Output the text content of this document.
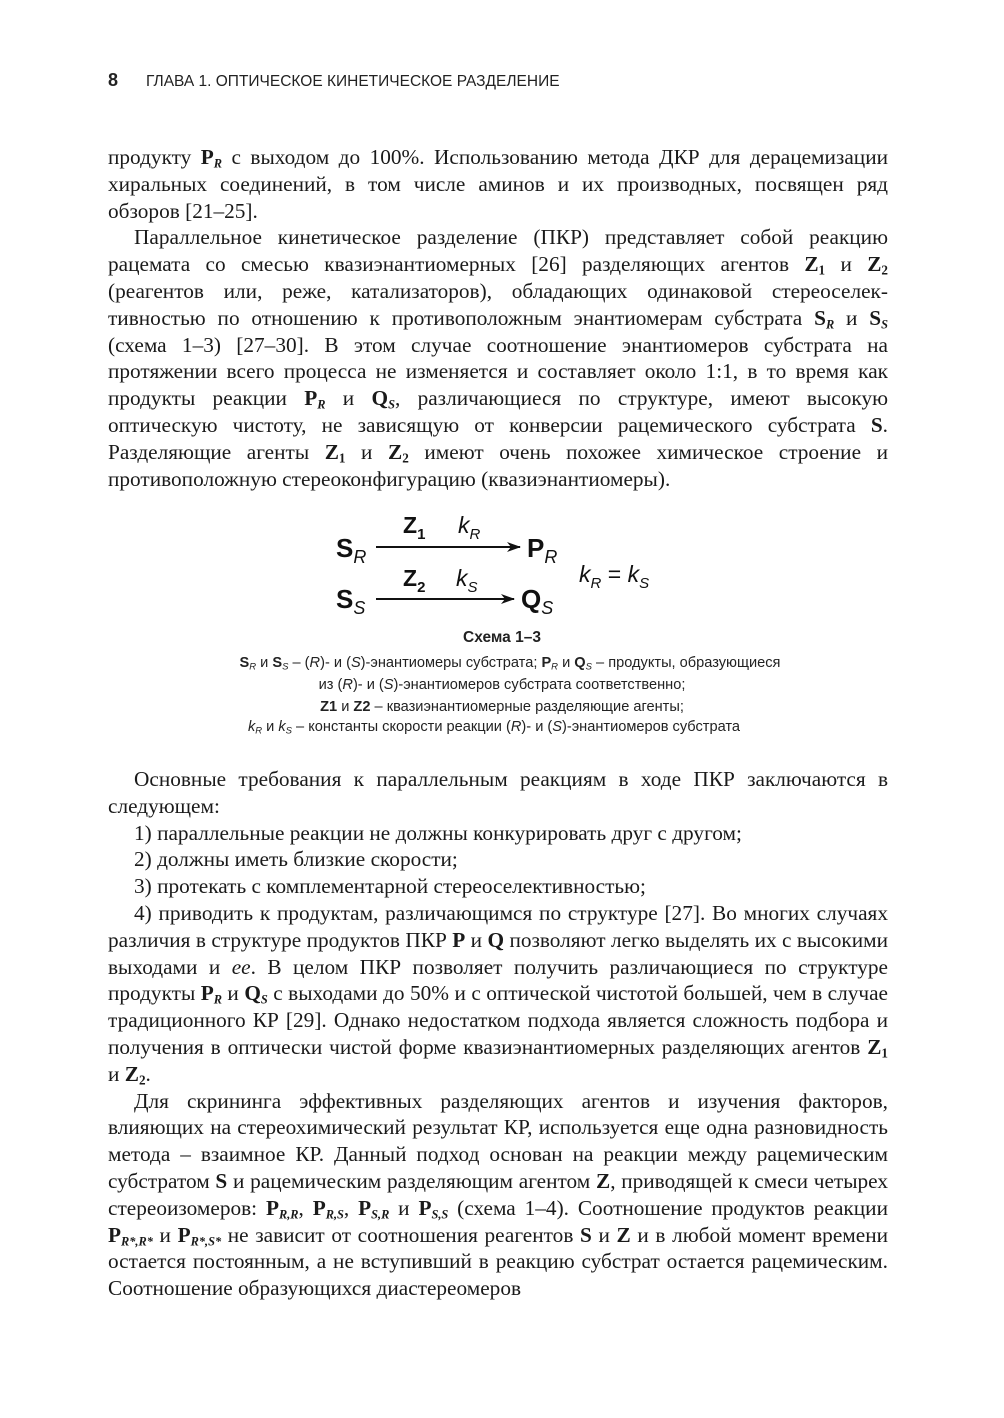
8 ГЛАВА 1. ОПТИЧЕСКОЕ КИНЕТИЧЕСКОЕ РАЗДЕЛЕНИЕ

продукту $P_R$ с выходом до 100%. Использованию метода ДКР для дерацемизации хиральных соединений, в том числе аминов и их производных, посвящен ряд обзоров [21–25].

Параллельное кинетическое разделение (ПКР) представляет собой реакцию рацемата со смесью квазиэнантиомерных [26] разделяющих агентов $Z_1$ и $Z_2$ (реагентов или, реже, катализаторов), обладающих одинаковой стереоселективностью по отношению к противоположным энантиомерам субстрата $S_R$ и $S_S$ (схема 1–3) [27–30]. В этом случае соотношение энантиомеров субстрата на протяжении всего процесса не изменяется и составляет около 1:1, в то время как продукты реакции $P_R$ и $Q_S$, различающиеся по структуре, имеют высокую оптическую чистоту, не зависящую от конверсии рацемического субстрата S. Разделяющие агенты $Z_1$ и $Z_2$ имеют очень похожее химическое строение и противоположную стереоконфигурацию (квазиэнантиомеры).

$S_R$
$Z_1$ $k_R$ $P_R$
$S_S$
$Z_2$ $k_S$ $Q_S$
$k_R = k_S$
Схема 1–3
$S_R$ и $S_S - (R)-$ и (S)-энантиомеры субстрата; $P_R$ и $Q_S$ – продукты, образующиеся
из (R)- и (S)-энантиомеров субстрата соответственно;
Z1 и Z2 – квазиэнантиомерные разделяющие агенты;
$k_R$ и $k_S$ – константы скорости реакции (R)- и (S)-энантиомеров субстрата

Основные требования к параллельным реакциям в ходе ПКР заключаются в следующем:

1) параллельные реакции не должны конкурировать друг с другом;

2) должны иметь близкие скорости;

3) протекать с комплементарной стереоселективностью;

4) приводить к продуктам, различающимся по структуре [27]. Во многих случаях различия в структуре продуктов ПКР P и Q позволяют легко выделять их с высокими выходами и ee. В целом ПКР позволяет получить различающиеся по структуре продукты $P_R$ и $Q_S$ с выходами до 50% и с оптической чистотой большей, чем в случае традиционного КР [29]. Однако недостатком подхода является сложность подбора и получения в оптически чистой форме квазиэнантиомерных разделяющих агентов $Z_1$ и $Z_2$.

Для скрининга эффективных разделяющих агентов и изучения факторов, влияющих на стереохимический результат КР, используется еще одна разновидность метода – взаимное КР. Данный подход основан на реакции между рацемическим субстратом S и рацемическим разделяющим агентом Z, приводящей к смеси четырех стереоизомеров: $P_{R,R}$, $P_{R,S}$, $P_{S,R}$ и $P_{S,S}$ (схема 1–4). Соотношение продуктов реакции $P_{R*,R*}$ и $P_{R*,S*}$ не зависит от соотношения реагентов S и Z и в любой момент времени остается постоянным, а не вступивший в реакцию субстрат остается рацемическим. Соотношение образующихся диастереомеров
